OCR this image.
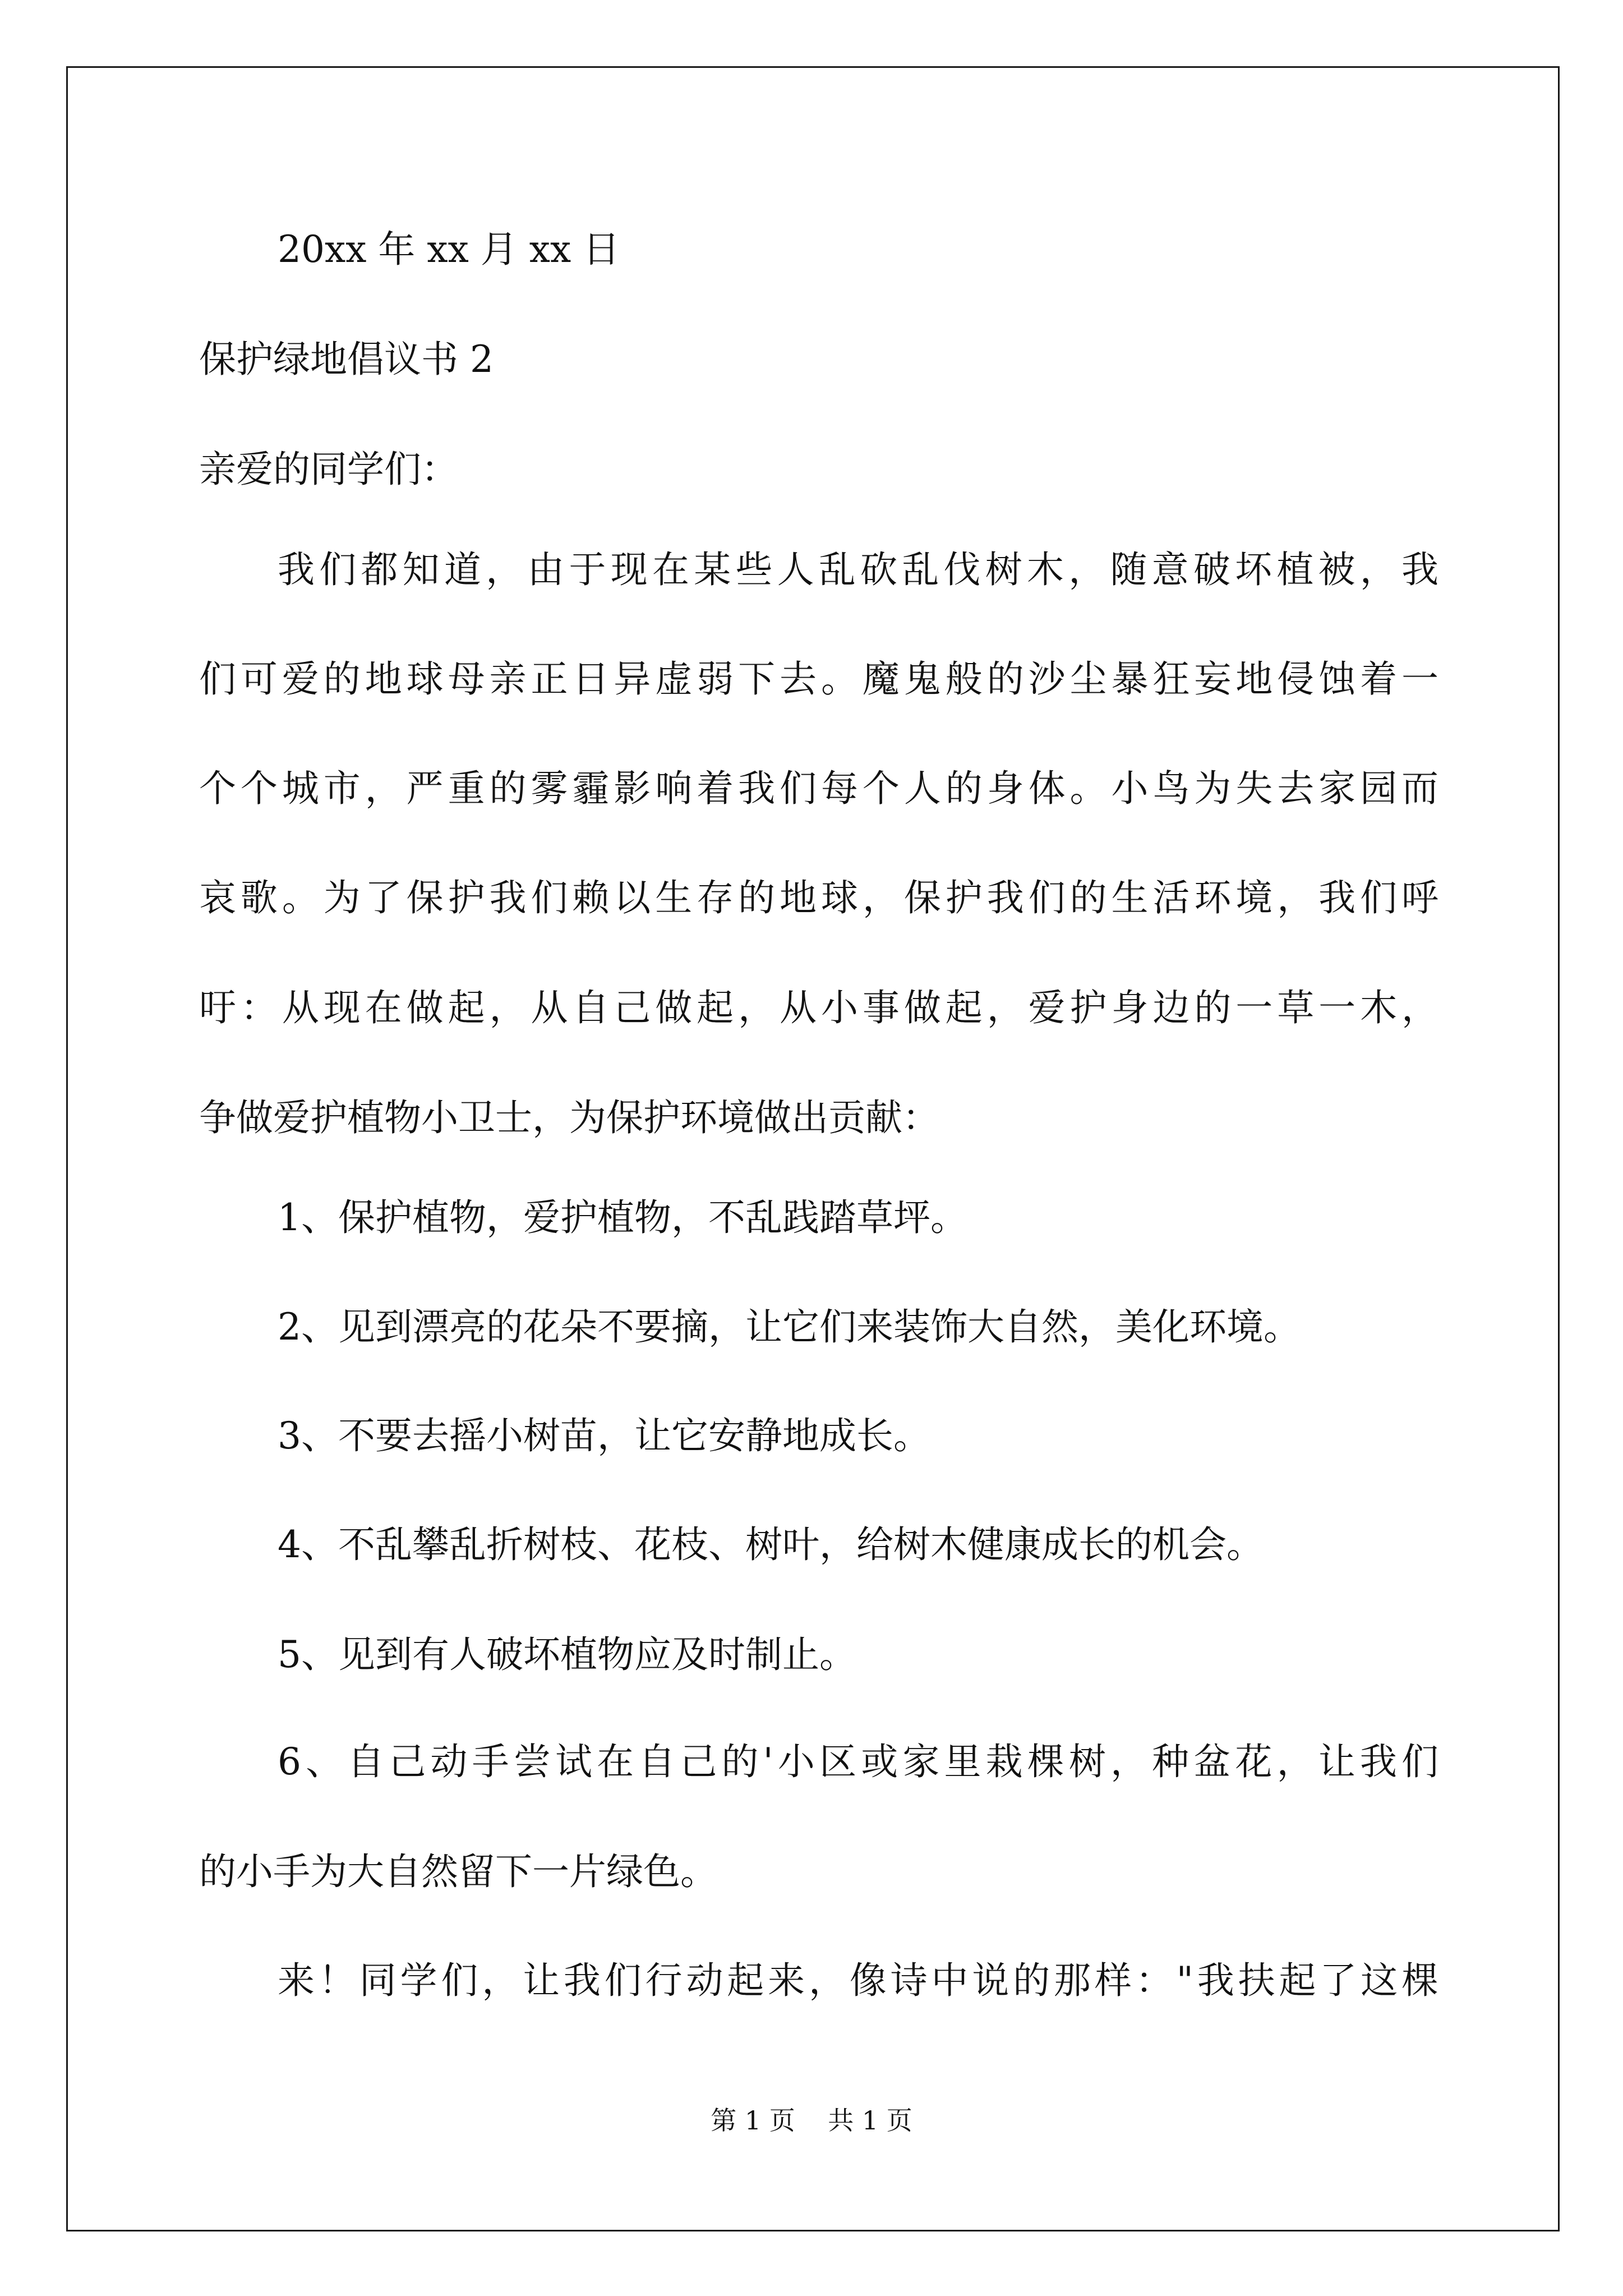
20xx 年 xx 月 xx 日
保护绿地倡议书 2
亲爱的同学们：
我们都知道，由于现在某些人乱砍乱伐树木，随意破坏植被，我
们可爱的地球母亲正日异虚弱下去。魔鬼般的沙尘暴狂妄地侵蚀着一
个个城市，严重的雾霾影响着我们每个人的身体。小鸟为失去家园而
哀歌。为了保护我们赖以生存的地球，保护我们的生活环境，我们呼
吁：从现在做起，从自己做起，从小事做起，爱护身边的一草一木，
争做爱护植物小卫士，为保护环境做出贡献：
1、保护植物，爱护植物，不乱践踏草坪。
2、见到漂亮的花朵不要摘，让它们来装饰大自然，美化环境。
3、不要去摇小树苗，让它安静地成长。
4、不乱攀乱折树枝、花枝、树叶，给树木健康成长的机会。
5、见到有人破坏植物应及时制止。
6、自己动手尝试在自己的'小区或家里栽棵树，种盆花，让我们
的小手为大自然留下一片绿色。
来！同学们，让我们行动起来，像诗中说的那样："我扶起了这棵
第 1 页    共 1 页
